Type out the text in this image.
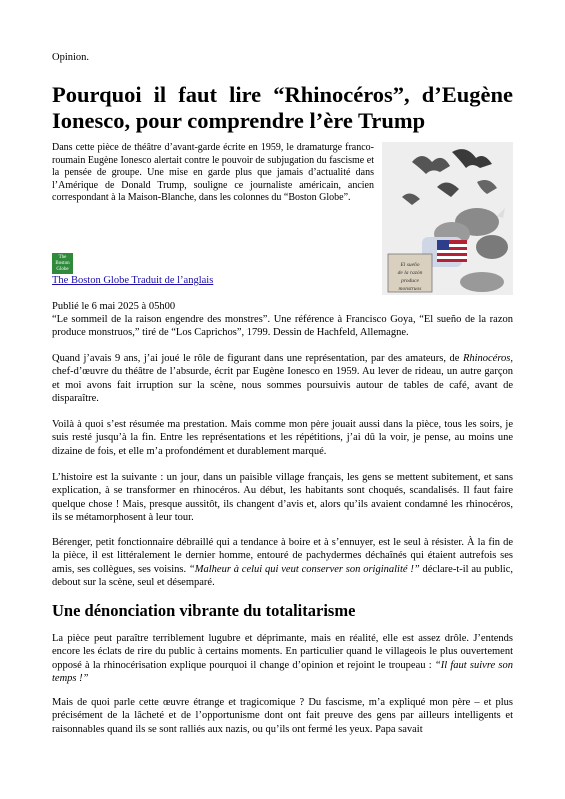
Opinion.
Pourquoi il faut lire “Rhinocéros”, d’Eugène Ionesco, pour comprendre l’ère Trump
El sueño
de la razón
produce
monstruos
Dans cette pièce de théâtre d’avant-garde écrite en 1959, le dramaturge franco-roumain Eugène Ionesco alertait contre le pouvoir de subjugation du fascisme et la pensée de groupe. Une mise en garde plus que jamais d’actualité dans l’Amérique de Donald Trump, souligne ce journaliste américain, ancien correspondant à la Maison-Blanche, dans les colonnes du “Boston Globe”.
The
Boston
Globe
The Boston Globe Traduit de l’anglais
Publié le 6 mai 2025 à 05h00

“Le sommeil de la raison engendre des monstres”. Une référence à Francisco Goya, “El sueño de la razon produce monstruos,” tiré de “Los Caprichos”, 1799. Dessin de Hachfeld, Allemagne.

Quand j’avais 9 ans, j’ai joué le rôle de figurant dans une représentation, par des amateurs, de Rhinocéros, chef-d’œuvre du théâtre de l’absurde, écrit par Eugène Ionesco en 1959. Au lever de rideau, un autre garçon et moi avons fait irruption sur la scène, nous sommes poursuivis autour de tables de café, avant de disparaître.

Voilà à quoi s’est résumée ma prestation. Mais comme mon père jouait aussi dans la pièce, tous les soirs, je suis resté jusqu’à la fin. Entre les représentations et les répétitions, j’ai dû la voir, je pense, au moins une dizaine de fois, et elle m’a profondément et durablement marqué.

L’histoire est la suivante : un jour, dans un paisible village français, les gens se mettent subitement, et sans explication, à se transformer en rhinocéros. Au début, les habitants sont choqués, scandalisés. Il faut faire quelque chose ! Mais, presque aussitôt, ils changent d’avis et, alors qu’ils avaient condamné les rhinocéros, ils se métamorphosent à leur tour.

Bérenger, petit fonctionnaire débraillé qui a tendance à boire et à s’ennuyer, est le seul à résister. À la fin de la pièce, il est littéralement le dernier homme, entouré de pachydermes déchaînés qui étaient autrefois ses amis, ses collègues, ses voisins. “Malheur à celui qui veut conserver son originalité !” déclare-t-il au public, debout sur la scène, seul et désemparé.

Une dénonciation vibrante du totalitarisme

La pièce peut paraître terriblement lugubre et déprimante, mais en réalité, elle est assez drôle. J’entends encore les éclats de rire du public à certains moments. En particulier quand le villageois le plus ouvertement opposé à la rhinocérisation explique pourquoi il change d’opinion et rejoint le troupeau : “Il faut suivre son temps !”

Mais de quoi parle cette œuvre étrange et tragicomique ? Du fascisme, m’a expliqué mon père – et plus précisément de la lâcheté et de l’opportunisme dont ont fait preuve des gens par ailleurs intelligents et raisonnables quand ils se sont ralliés aux nazis, ou qu’ils ont fermé les yeux. Papa savait
